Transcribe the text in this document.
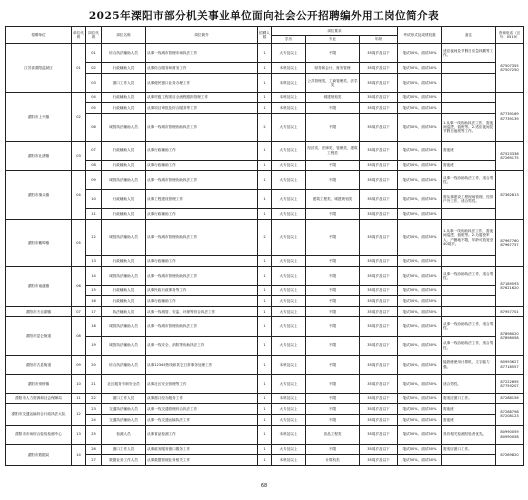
2025年溧阳市部分机关事业单位面向社会公开招聘编外用工岗位简介表
招聘单位	单位代码	岗位代码	岗位名称	岗位简介	招聘人数	岗位要求			考试形式及成绩权重	备注	咨询电话（区号：0519）
						学历	专业	年龄			
江苏省溧阳监狱区	01	01	综合执法辅助人员	从事一线城市管理市场执法工作	1	大专及以上	不限	35周岁及以下	笔试50%，面试50%	适应夜间及节假日应急执勤等工作。	87507355
87507250
		02	行政辅助人员	从事综合服务和财务工作	1	本科及以上	财务和会计，财务管理	35周岁及以下	笔试50%，面试50%		
		03	窗口工作人员	从事便民窗口业务办理工作	1	本科及以上	公共管理类，工商管理类，法学类	35周岁及以下	笔试50%，面试50%		
溧阳市上兴镇	02	04	行政辅助人员	从事村级工程项目全流程跟踪管理工作	1	本科及以上	城建规划类	35周岁及以下	笔试50%，面试50%		87739169
87739139
		05	行政辅助人员	从事项目审批及综合服务等工作	1	本科及以上	不限	35周岁及以下	笔试50%，面试50%		
		06	城管执法辅助人员	从事一线城市管理协助执法工作	2	大专及以上	不限	35周岁及以下	笔试50%，面试50%	1.从事一线协助执法工作，需夜间巡逻、值班等。2.适应夜间及节假日值班等工作。	
溧阳市社渚镇	03	07	行政辅助人员	从事行政辅助工作	1	大专及以上	经济类，法律类，管理类，建筑工程类	35周岁及以下	笔试50%，面试50%	需夜班	87523336
87269175
		08	行政辅助人员	从事行政辅助工作	1	大专及以上	不限	35周岁及以下	笔试50%，面试50%	需夜班	
溧阳市埭头镇	04	09	城管执法辅助人员	从事一线城市管理协助执法工作	1	大专及以上	不限	35周岁及以下	笔试50%，面试50%	从事一线协助执法工作，适合男性。	87362813
		10	行政辅助人员	从事工程建设管理工作	1	大专及以上	建筑工程类，城建规划类	35周岁及以下	笔试50%，面试50%	需从事建设工程现场管理，经常户外工作，适合男性。	
		11	行政辅助人员	从事行政辅助工作	1	大专及以上	不限	35周岁及以下	笔试50%，面试50%		
溧阳市戴埠镇	05	12	城管执法辅助人员	从事一线城市管理协助执法工作	2	大专及以上	不限	35周岁及以下	笔试50%，面试50%	1.从事一线协助执法工作，需夜间巡逻、值班等。2.为退役军人，户籍地不限，年龄可放宽至40周岁。	87967760
87967757
		13	行政辅助人员	从事行政辅助工作	1	大专及以上	不限	35周岁及以下	笔试50%，面试50%		
溧阳市南渡镇	06	14	城管执法辅助人员	从事一线城市管理协助执法工作	1	大专及以上	不限	35周岁及以下	笔试50%，面试50%	从事一线协助执法工作，适合男性。	87189593
87621620
		15	行政辅助人员	从事民政行政事务等工作	1	大专及以上	不限	35周岁及以下	笔试50%，面试50%		
		16	行政辅助人员	从事行政辅助工作	1	大专及以上	不限	35周岁及以下	笔试50%，面试50%		
溧阳市天目湖镇	07	17	执法辅助人员	从事一线城管、安监、环保等综合执法工作	1	大专及以上	不限	35周岁及以下	笔试50%，面试50%		87957701
溧阳市昆仑街道	08	18	城管执法辅助人员	从事一线城市管理协助执法工作	1	大专及以上	不限	35周岁及以下	笔试50%，面试50%	从事一线协助执法工作，适合男性。	87898020
87898058
		19	城管执法辅助人员	从事一线安全、消防等协助执法工作	1	大专及以上	不限	35周岁及以下	笔试50%，面试50%	从事一线协助执法工作，适合男性。	
溧阳市古县街道	09	20	综合执法辅助人员	从事12345热线和其它日常事务处理工作	1	本科及以上	不限	35周岁及以下	笔试50%，面试50%	能熟练使用计算机，文字能力强。	80993627
87718557
溧阳市别桥镇	10	21	社区服务专职安全员	从事社区安全管理等工作	1	大专及以上	不限	35周岁及以下	笔试50%，面试50%	适合男性。	87222895
87759207
溧阳市人力资源和社会保障局	11	22	窗口工作人员	从事窗口经办服务工作	1	本科及以上	不限	35周岁及以下	笔试50%，面试50%	需适应窗口工作。	87288156
溧阳市交通运输综合行政执法大队	12	23	交通执法辅助人员	从事一线交通管理综合执法工作	1	大专及以上	不限	35周岁及以下	笔试50%，面试50%	需夜班	87268798
87208123
		24	交通执法辅助人员	从事一线交通运输执法工作	1	大专及以上	不限	35周岁及以下	笔试50%，面试50%	需夜班	
溧阳市市场综合检验检测中心	13	25	检测人员	从事食品检测工作	1	本科及以上	食品工程类	35周岁及以下	笔试50%，面试50%	具有相关检测经验者优先。	80990059
80990058
溧阳市数据局	14	26	窗口工作人员	从事政务服务窗口服务工作	1	大专及以上	不限	35周岁及以下	笔试50%，面试50%	需适应窗口工作。	87269820
		27	数据业务工作人员	从事数据管理业务相关工作	1	本科及以上	计算机类	35周岁及以下	笔试50%，面试50%		
68
